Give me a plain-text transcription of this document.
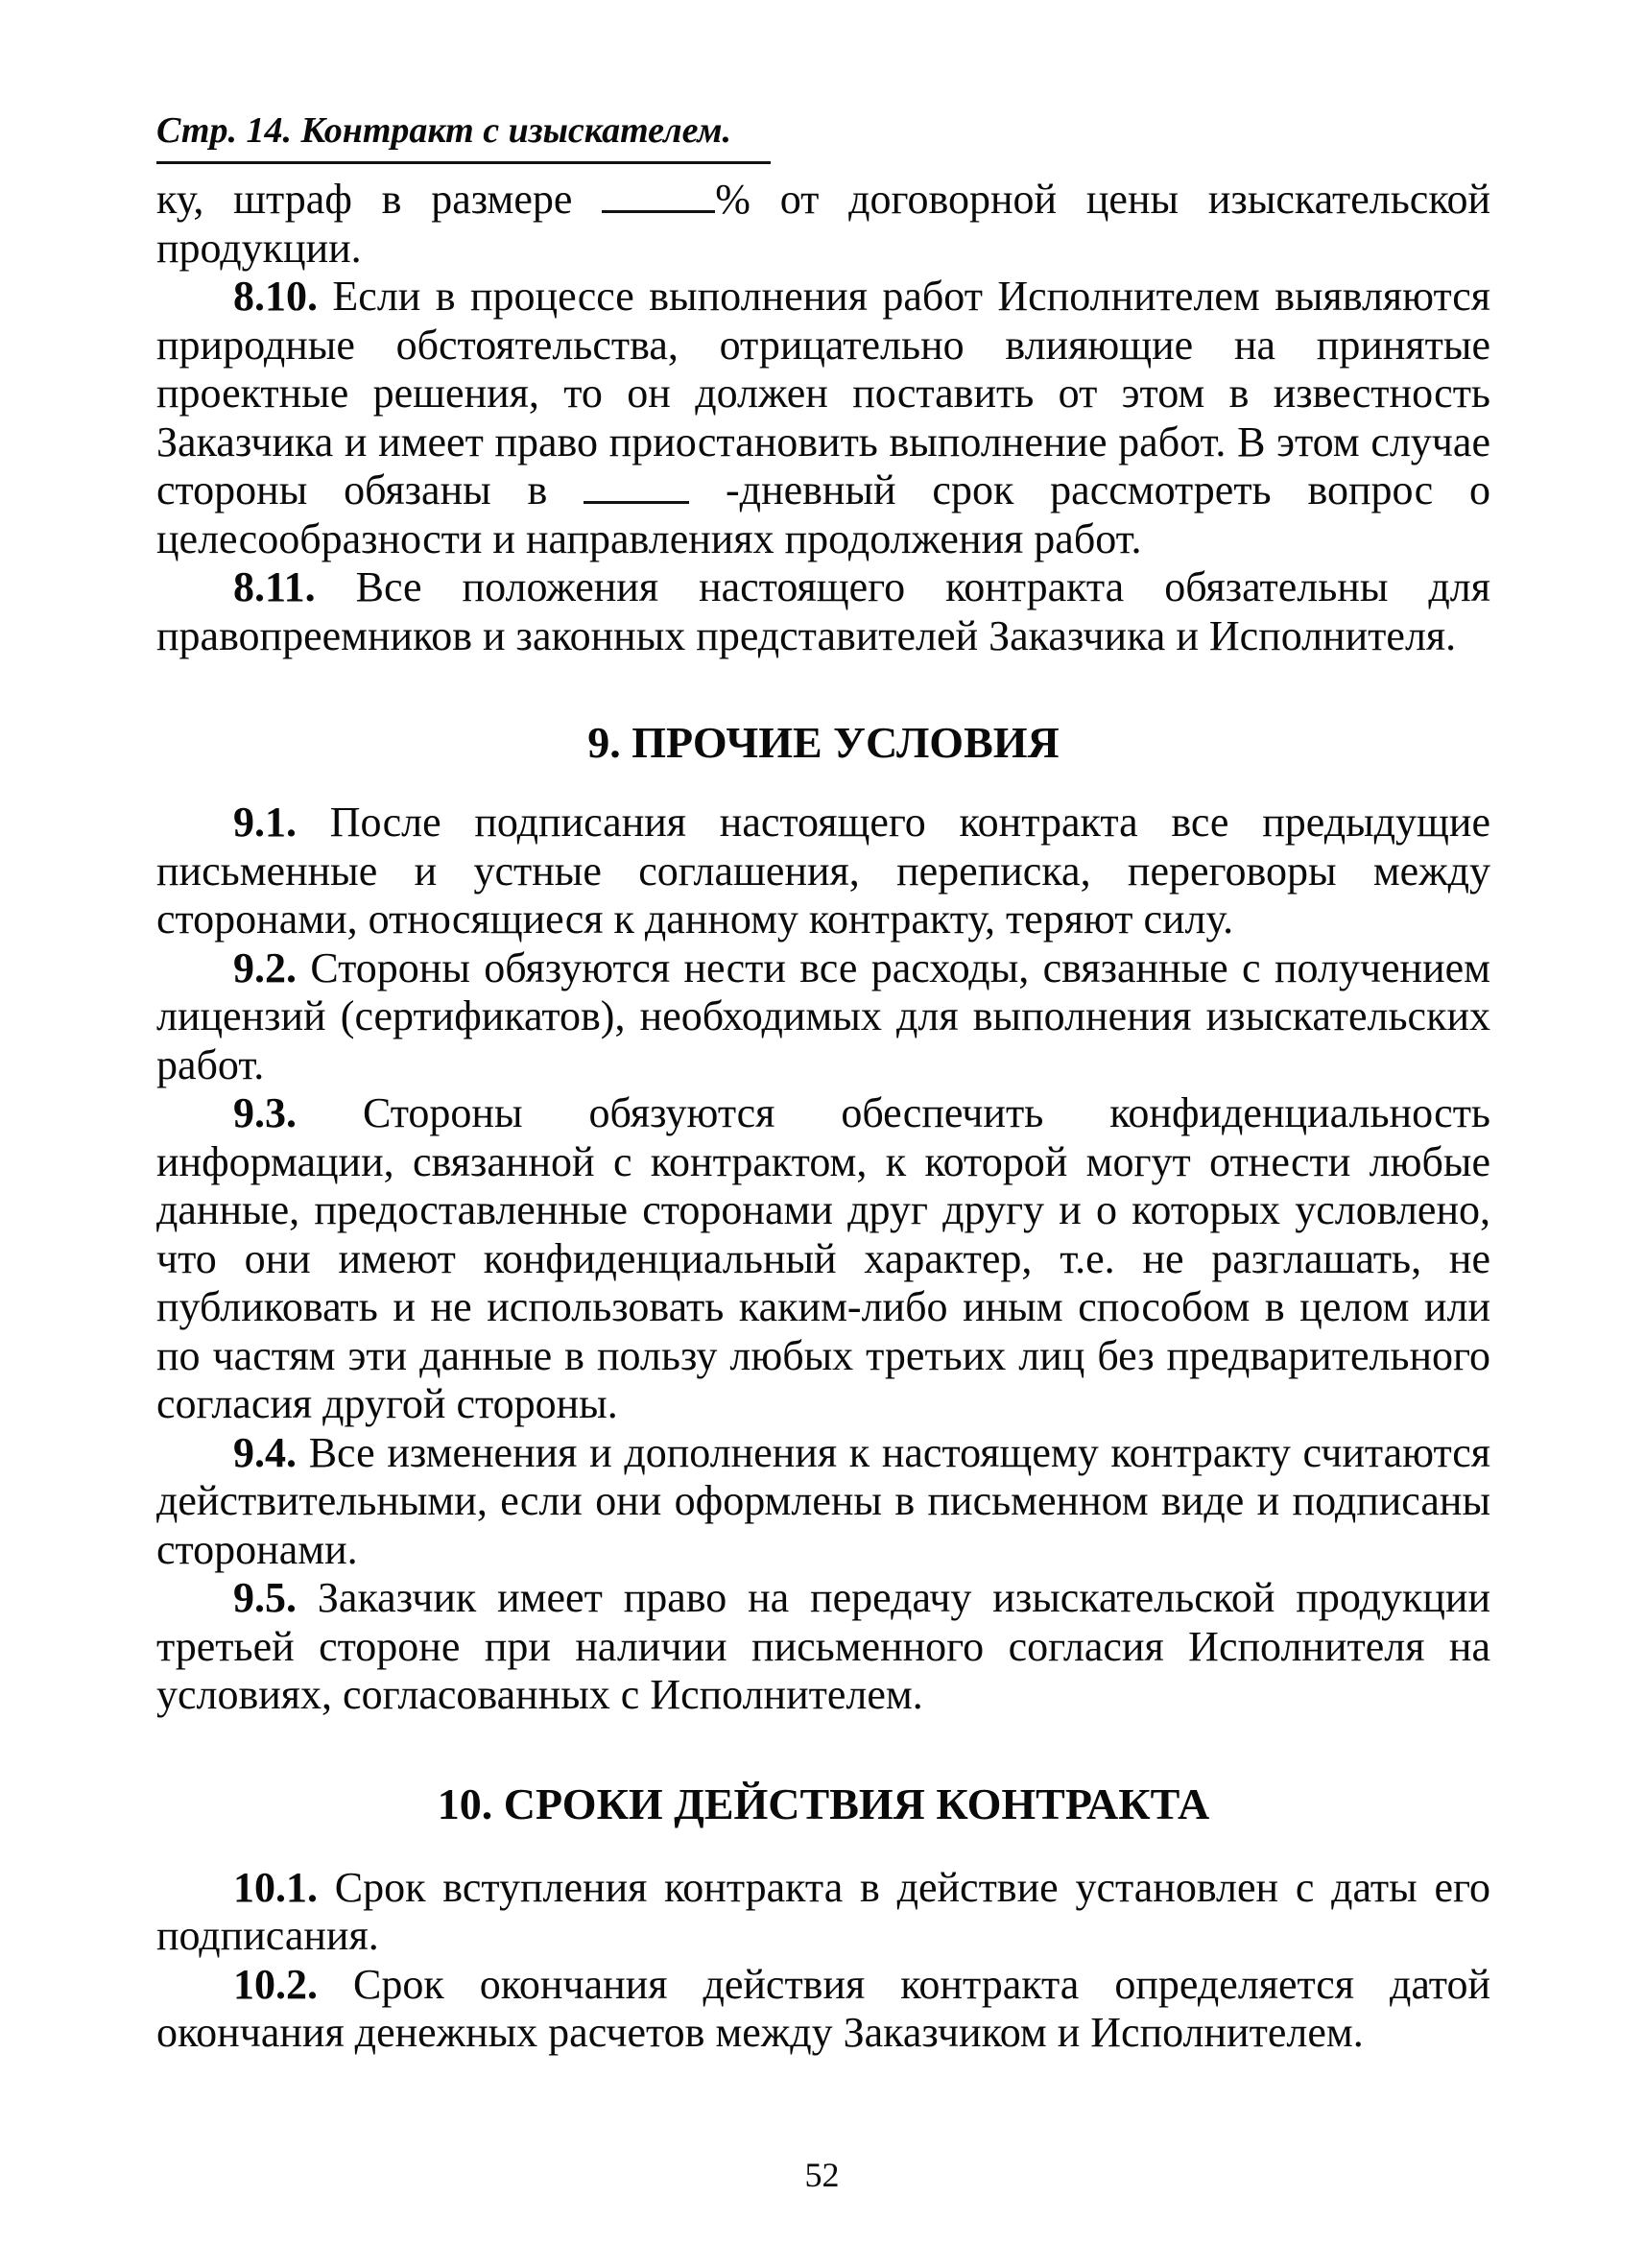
Стр. 14. Контракт с изыскателем.

ку, штраф в размере	% от договорной цены изыскательской продукции.

8.10. Если в процессе выполнения работ Исполнителем выявляются природные обстоятельства, отрицательно влияющие на принятые проектные решения, то он должен поставить от этом в известность Заказчика и имеет право приостановить выполнение работ. В этом случае стороны обязаны в	-дневный срок рассмотреть вопрос о целесообразности и направлениях продолжения работ.

8.11. Все положения настоящего контракта обязательны для правопреемников и законных представителей Заказчика и Исполнителя.

9. ПРОЧИЕ УСЛОВИЯ

9.1. После подписания настоящего контракта все предыдущие письменные и устные соглашения, переписка, переговоры между сторонами, относящиеся к данному контракту, теряют силу.

9.2. Стороны обязуются нести все расходы, связанные с получением лицензий (сертификатов), необходимых для выполнения изыскательских работ.

9.3. Стороны обязуются обеспечить конфиденциальность информации, связанной с контрактом, к которой могут отнести любые данные, предоставленные сторонами друг другу и о которых условлено, что они имеют конфиденциальный характер, т.е. не разглашать, не публиковать и не использовать каким-либо иным способом в целом или по частям эти данные в пользу любых третьих лиц без предварительного согласия другой стороны.

9.4. Все изменения и дополнения к настоящему контракту считаются действительными, если они оформлены в письменном виде и подписаны сторонами.

9.5. Заказчик имеет право на передачу изыскательской продукции третьей стороне при наличии письменного согласия Исполнителя на условиях, согласованных с Исполнителем.

10. СРОКИ ДЕЙСТВИЯ КОНТРАКТА

10.1. Срок вступления контракта в действие установлен с даты его подписания.

10.2. Срок окончания действия контракта определяется датой окончания денежных расчетов между Заказчиком и Исполнителем.

52
